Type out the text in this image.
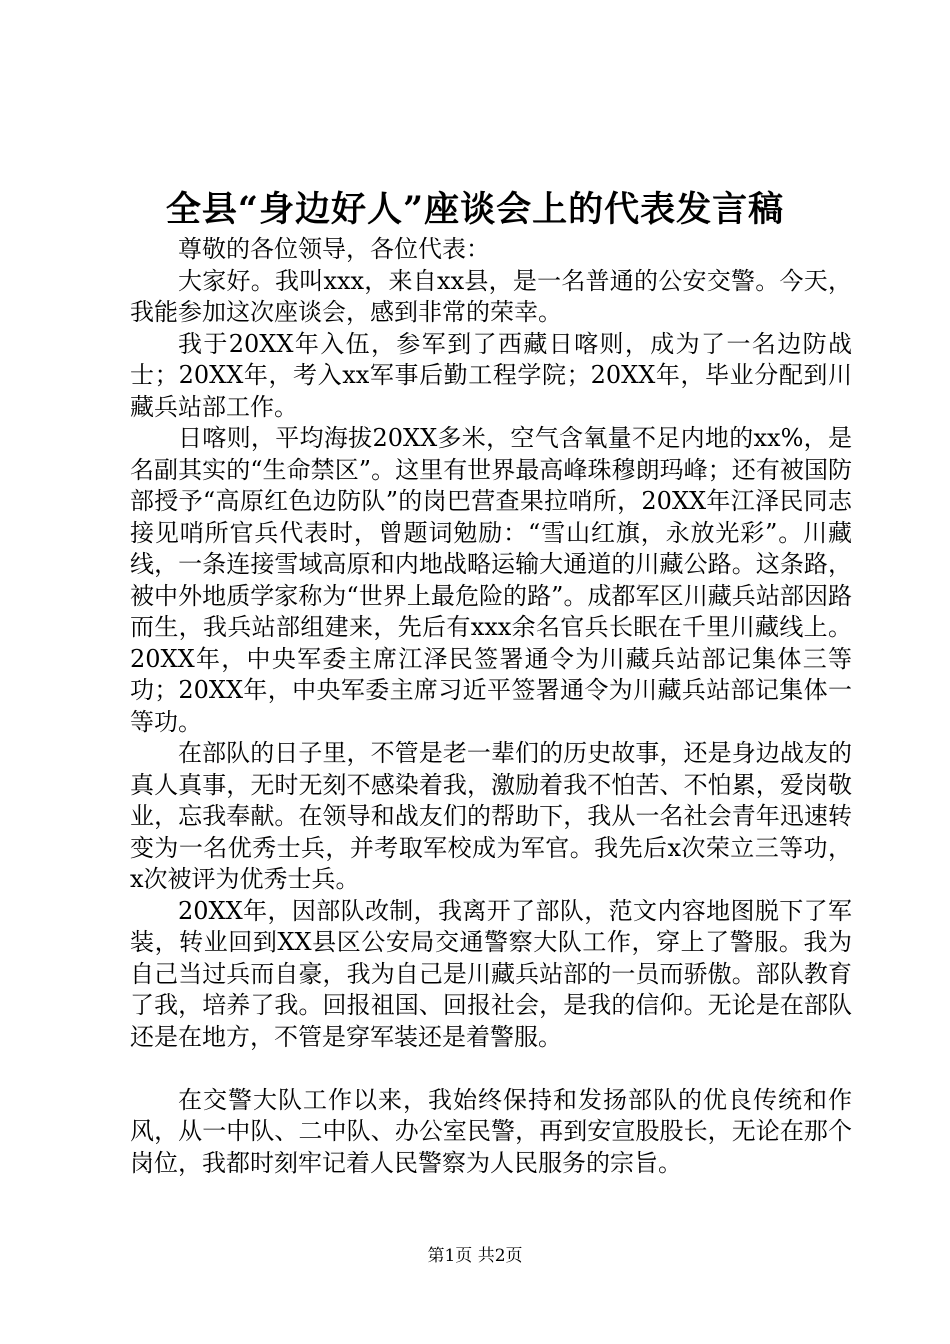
全县“身边好人”座谈会上的代表发言稿

尊敬的各位领导，各位代表：

大家好。我叫xxx，来自xx县，是一名普通的公安交警。今天，我能参加这次座谈会，感到非常的荣幸。

我于20XX年入伍，参军到了西藏日喀则，成为了一名边防战士；20XX年，考入xx军事后勤工程学院；20XX年，毕业分配到川藏兵站部工作。

日喀则，平均海拔20XX多米，空气含氧量不足内地的xx%，是名副其实的“生命禁区”。这里有世界最高峰珠穆朗玛峰；还有被国防部授予“高原红色边防队”的岗巴营查果拉哨所，20XX年江泽民同志接见哨所官兵代表时，曾题词勉励：“雪山红旗，永放光彩”。川藏线，一条连接雪域高原和内地战略运输大通道的川藏公路。这条路，被中外地质学家称为“世界上最危险的路”。成都军区川藏兵站部因路而生，我兵站部组建来，先后有xxx余名官兵长眠在千里川藏线上。20XX年，中央军委主席江泽民签署通令为川藏兵站部记集体三等功；20XX年，中央军委主席习近平签署通令为川藏兵站部记集体一等功。

在部队的日子里，不管是老一辈们的历史故事，还是身边战友的真人真事，无时无刻不感染着我，激励着我不怕苦、不怕累，爱岗敬业，忘我奉献。在领导和战友们的帮助下，我从一名社会青年迅速转变为一名优秀士兵，并考取军校成为军官。我先后x次荣立三等功，x次被评为优秀士兵。

20XX年，因部队改制，我离开了部队，范文内容地图脱下了军装，转业回到XX县区公安局交通警察大队工作，穿上了警服。我为自己当过兵而自豪，我为自己是川藏兵站部的一员而骄傲。部队教育了我，培养了我。回报祖国、回报社会，是我的信仰。无论是在部队还是在地方，不管是穿军装还是着警服。

在交警大队工作以来，我始终保持和发扬部队的优良传统和作风，从一中队、二中队、办公室民警，再到安宣股股长，无论在那个岗位，我都时刻牢记着人民警察为人民服务的宗旨。

第1页 共2页
